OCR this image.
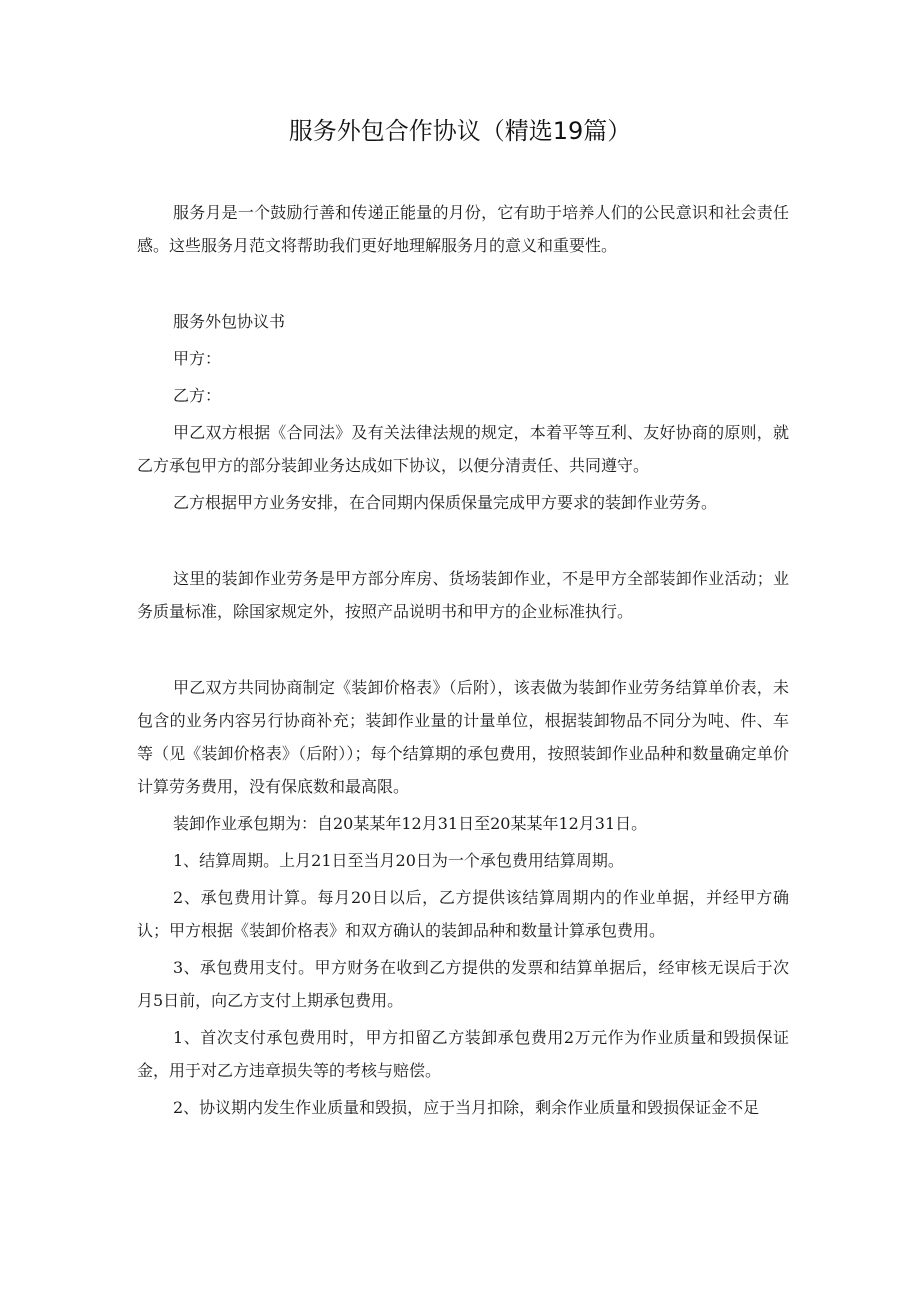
服务外包合作协议（精选19篇）

服务月是一个鼓励行善和传递正能量的月份，它有助于培养人们的公民意识和社会责任感。这些服务月范文将帮助我们更好地理解服务月的意义和重要性。

服务外包协议书

甲方：

乙方：

甲乙双方根据《合同法》及有关法律法规的规定，本着平等互利、友好协商的原则，就乙方承包甲方的部分装卸业务达成如下协议，以便分清责任、共同遵守。

乙方根据甲方业务安排，在合同期内保质保量完成甲方要求的装卸作业劳务。

这里的装卸作业劳务是甲方部分库房、货场装卸作业，不是甲方全部装卸作业活动；业务质量标准，除国家规定外，按照产品说明书和甲方的企业标准执行。

甲乙双方共同协商制定《装卸价格表》（后附），该表做为装卸作业劳务结算单价表，未包含的业务内容另行协商补充；装卸作业量的计量单位，根据装卸物品不同分为吨、件、车等（见《装卸价格表》（后附））；每个结算期的承包费用，按照装卸作业品种和数量确定单价计算劳务费用，没有保底数和最高限。

装卸作业承包期为：自20某某年12月31日至20某某年12月31日。

1、结算周期。上月21日至当月20日为一个承包费用结算周期。

2、承包费用计算。每月20日以后，乙方提供该结算周期内的作业单据，并经甲方确认；甲方根据《装卸价格表》和双方确认的装卸品种和数量计算承包费用。

3、承包费用支付。甲方财务在收到乙方提供的发票和结算单据后，经审核无误后于次月5日前，向乙方支付上期承包费用。

1、首次支付承包费用时，甲方扣留乙方装卸承包费用2万元作为作业质量和毁损保证金，用于对乙方违章损失等的考核与赔偿。

2、协议期内发生作业质量和毁损，应于当月扣除，剩余作业质量和毁损保证金不足
